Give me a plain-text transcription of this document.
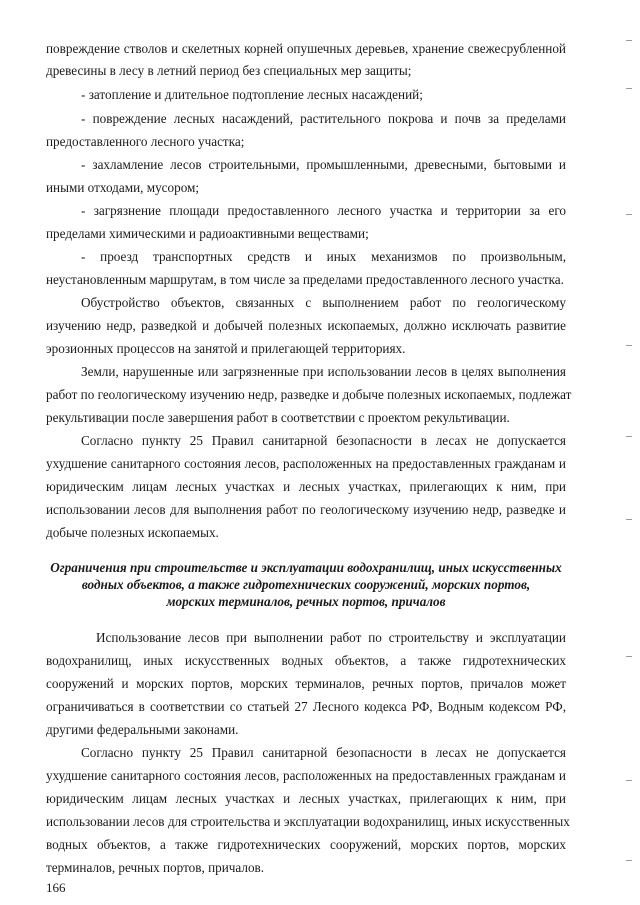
повреждение стволов и скелетных корней опушечных деревьев, хранение свежесрубленной
древесины в лесу в летний период без специальных мер защиты;
- затопление и длительное подтопление лесных насаждений;
- повреждение лесных насаждений, растительного покрова и почв за пределами
предоставленного лесного участка;
- захламление лесов строительными, промышленными, древесными, бытовыми и
иными отходами, мусором;
- загрязнение площади предоставленного лесного участка и территории за его
пределами химическими и радиоактивными веществами;
- проезд транспортных средств и иных механизмов по произвольным,
неустановленным маршрутам, в том числе за пределами предоставленного лесного участка.
Обустройство объектов, связанных с выполнением работ по геологическому
изучению недр, разведкой и добычей полезных ископаемых, должно исключать развитие
эрозионных процессов на занятой и прилегающей территориях.
Земли, нарушенные или загрязненные при использовании лесов в целях выполнения
работ по геологическому изучению недр, разведке и добыче полезных ископаемых, подлежат
рекультивации после завершения работ в соответствии с проектом рекультивации.
Согласно пункту 25 Правил санитарной безопасности в лесах не допускается
ухудшение санитарного состояния лесов, расположенных на предоставленных гражданам и
юридическим лицам лесных участках и лесных участках, прилегающих к ним, при
использовании лесов для выполнения работ по геологическому изучению недр, разведке и
добыче полезных ископаемых.
Ограничения при строительстве и эксплуатации водохранилищ, иных искусственных
водных объектов, а также гидротехнических сооружений, морских портов,
морских терминалов, речных портов, причалов
Использование лесов при выполнении работ по строительству и эксплуатации
водохранилищ, иных искусственных водных объектов, а также гидротехнических
сооружений и морских портов, морских терминалов, речных портов, причалов может
ограничиваться в соответствии со статьей 27 Лесного кодекса РФ, Водным кодексом РФ,
другими федеральными законами.
Согласно пункту 25 Правил санитарной безопасности в лесах не допускается
ухудшение санитарного состояния лесов, расположенных на предоставленных гражданам и
юридическим лицам лесных участках и лесных участках, прилегающих к ним, при
использовании лесов для строительства и эксплуатации водохранилищ, иных искусственных
водных объектов, а также гидротехнических сооружений, морских портов, морских
терминалов, речных портов, причалов.
166
